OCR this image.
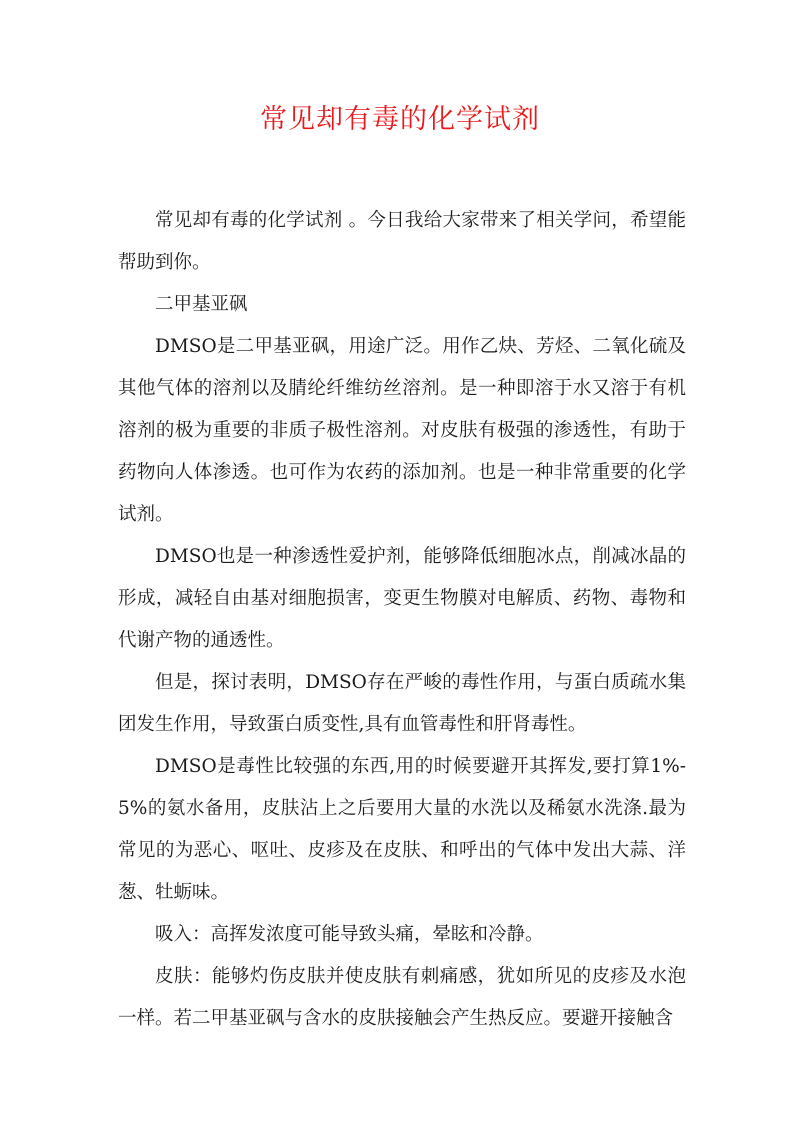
常见却有毒的化学试剂

常见却有毒的化学试剂 。今日我给大家带来了相关学问，希望能帮助到你。

二甲基亚砜

DMSO是二甲基亚砜，用途广泛。用作乙炔、芳烃、二氧化硫及其他气体的溶剂以及腈纶纤维纺丝溶剂。是一种即溶于水又溶于有机溶剂的极为重要的非质子极性溶剂。对皮肤有极强的渗透性，有助于药物向人体渗透。也可作为农药的添加剂。也是一种非常重要的化学试剂。

DMSO也是一种渗透性爱护剂，能够降低细胞冰点，削减冰晶的形成，减轻自由基对细胞损害，变更生物膜对电解质、药物、毒物和代谢产物的通透性。

但是，探讨表明，DMSO存在严峻的毒性作用，与蛋白质疏水集团发生作用，导致蛋白质变性,具有血管毒性和肝肾毒性。

DMSO是毒性比较强的东西,用的时候要避开其挥发,要打算1%-5%的氨水备用，皮肤沾上之后要用大量的水洗以及稀氨水洗涤.最为常见的为恶心、呕吐、皮疹及在皮肤、和呼出的气体中发出大蒜、洋葱、牡蛎味。

吸入：高挥发浓度可能导致头痛，晕眩和冷静。

皮肤：能够灼伤皮肤并使皮肤有刺痛感，犹如所见的皮疹及水泡一样。若二甲基亚砜与含水的皮肤接触会产生热反应。要避开接触含
